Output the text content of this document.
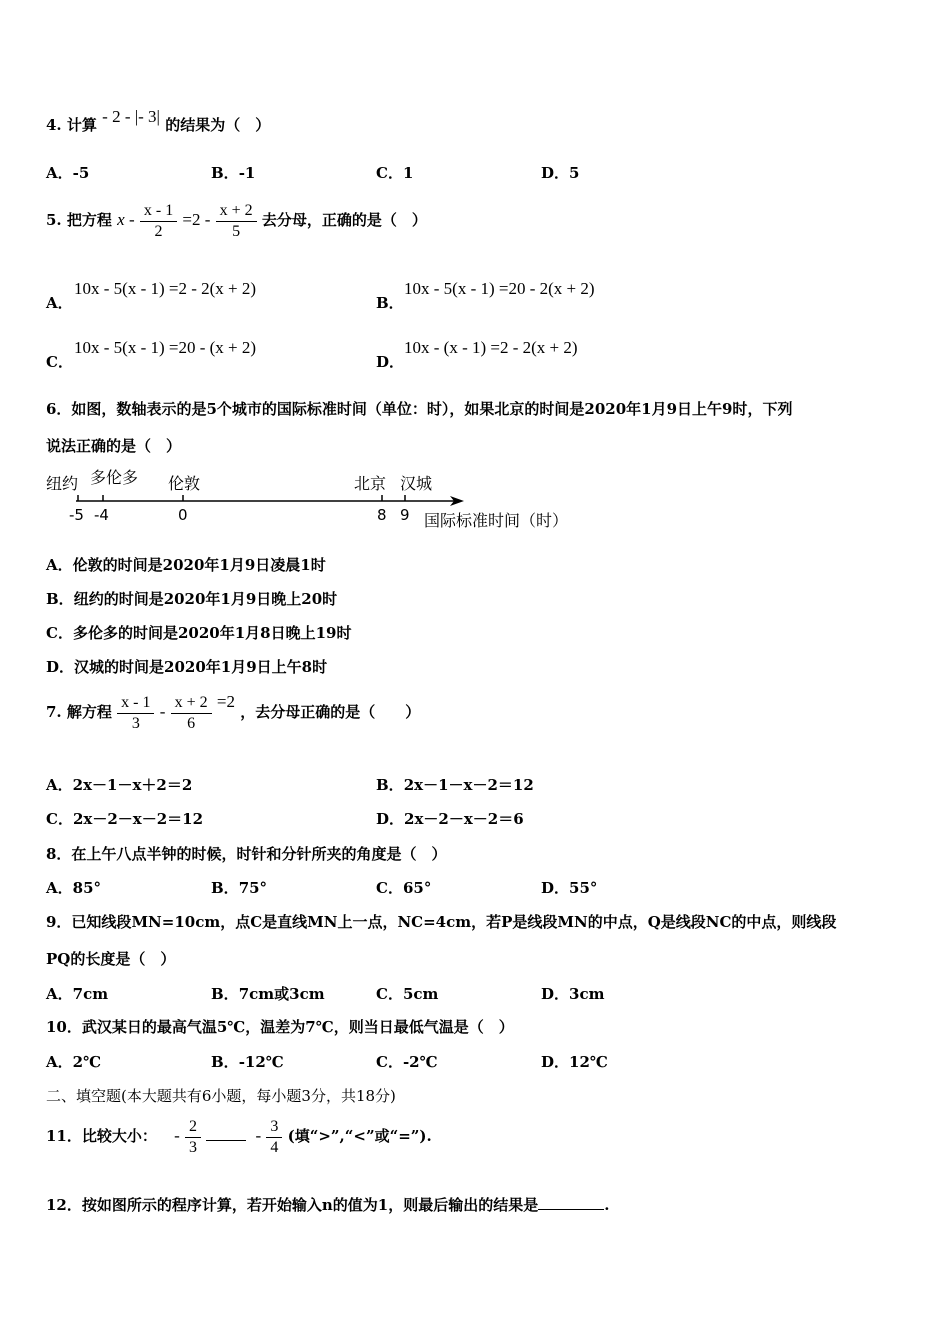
4. 计算 - 2 - |- 3| 的结果为（　）
A．-5	B．-1	C．1	D．5
5. 把方程 $x - \frac{x - 1}{2} =2 - \frac{x + 2}{5}$ 去分母，正确的是（　）
A．10x - 5(x - 1) =2 - 2(x + 2)
B．10x - 5(x - 1) =20 - 2(x + 2)
C．10x - 5(x - 1) =20 - (x + 2)
D．10x - (x - 1) =2 - 2(x + 2)
6．如图，数轴表示的是5个城市的国际标准时间（单位：时），如果北京的时间是2020年1月9日上午9时，下列
说法正确的是（　）
纽约 多伦多 伦敦	北京 汉城
-5 -4	0	8 9 国际标准时间（时）
A．伦敦的时间是2020年1月9日凌晨1时
B．纽约的时间是2020年1月9日晚上20时
C．多伦多的时间是2020年1月8日晚上19时
D．汉城的时间是2020年1月9日上午8时
7. 解方程 $\frac{x - 1}{3} - \frac{x + 2}{6} =2$ ，去分母正确的是（　　）
A．2x－1－x＋2＝2	B．2x－1－x－2＝12
C．2x－2－x－2＝12	D．2x－2－x－2＝6
8．在上午八点半钟的时候，时针和分针所夹的角度是（　）
A．85°	B．75°	C．65°	D．55°
9．已知线段MN=10cm，点C是直线MN上一点，NC=4cm，若P是线段MN的中点，Q是线段NC的中点，则线段
PQ的长度是（　）
A．7cm	B．7cm或3cm	C．5cm	D．3cm
10．武汉某日的最高气温5℃，温差为7℃，则当日最低气温是（　）
A．2℃	B．-12℃	C．-2℃	D．12℃
二、填空题(本大题共有6小题，每小题3分，共18分)
11．比较大小： - $\frac{2}{3}$	- $\frac{3}{4}$ (填“>”,“<”或“=”).
12．按如图所示的程序计算，若开始输入n的值为1，则最后输出的结果是	.
